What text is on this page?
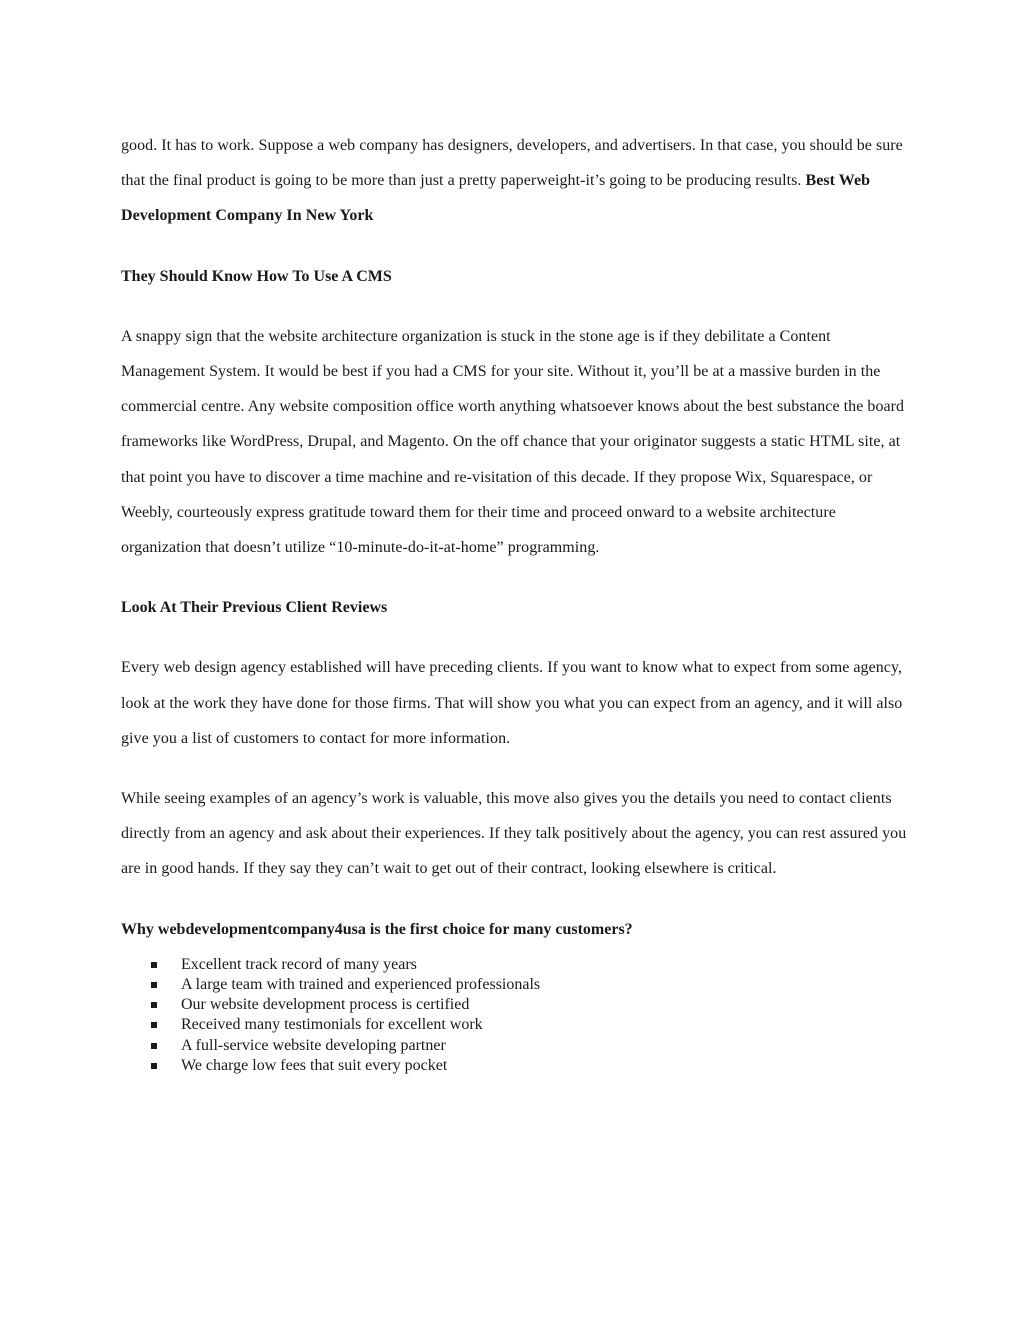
good. It has to work. Suppose a web company has designers, developers, and advertisers. In that case, you should be sure that the final product is going to be more than just a pretty paperweight-it’s going to be producing results. Best Web Development Company In New York

They Should Know How To Use A CMS

A snappy sign that the website architecture organization is stuck in the stone age is if they debilitate a Content Management System. It would be best if you had a CMS for your site. Without it, you’ll be at a massive burden in the commercial centre. Any website composition office worth anything whatsoever knows about the best substance the board frameworks like WordPress, Drupal, and Magento. On the off chance that your originator suggests a static HTML site, at that point you have to discover a time machine and re-visitation of this decade. If they propose Wix, Squarespace, or Weebly, courteously express gratitude toward them for their time and proceed onward to a website architecture organization that doesn’t utilize “10-minute-do-it-at-home” programming.

Look At Their Previous Client Reviews

Every web design agency established will have preceding clients. If you want to know what to expect from some agency, look at the work they have done for those firms. That will show you what you can expect from an agency, and it will also give you a list of customers to contact for more information.

While seeing examples of an agency’s work is valuable, this move also gives you the details you need to contact clients directly from an agency and ask about their experiences. If they talk positively about the agency, you can rest assured you are in good hands. If they say they can’t wait to get out of their contract, looking elsewhere is critical.

Why webdevelopmentcompany4usa is the first choice for many customers?
Excellent track record of many years
A large team with trained and experienced professionals
Our website development process is certified
Received many testimonials for excellent work
A full-service website developing partner
We charge low fees that suit every pocket
